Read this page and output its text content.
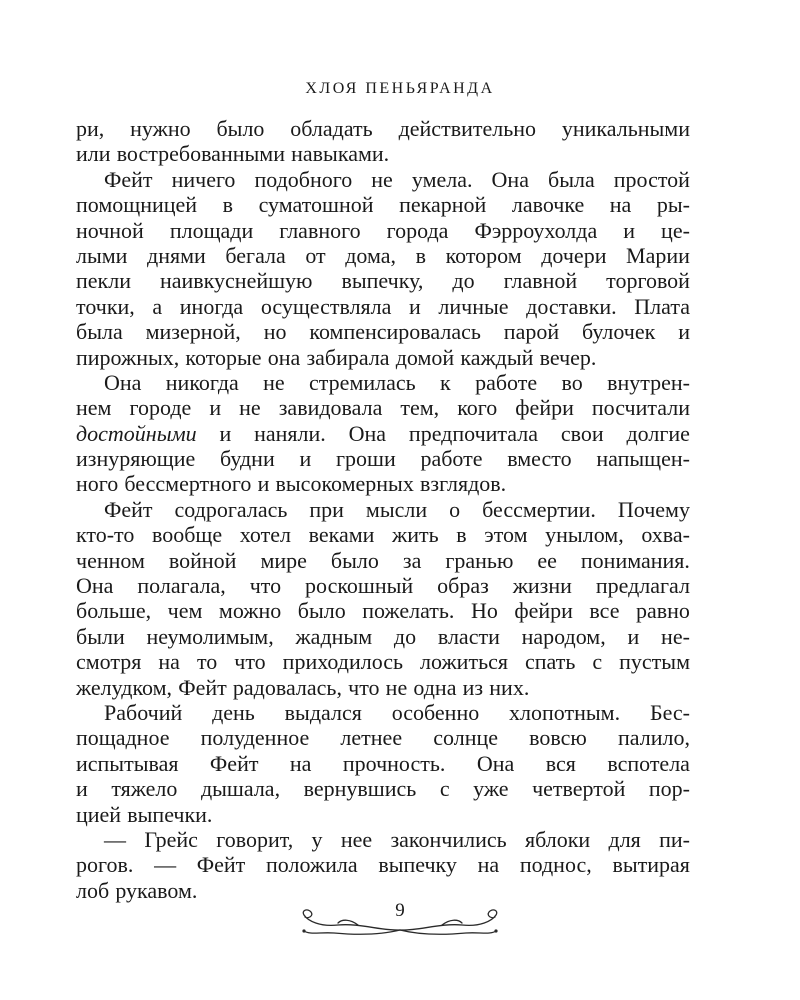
ХЛОЯ ПЕНЬЯРАНДА
ри, нужно было обладать действительно уникальными
или востребованными навыками.
Фейт ничего подобного не умела. Она была простой
помощницей в суматошной пекарной лавочке на ры-
ночной площади главного города Фэрроухолда и це-
лыми днями бегала от дома, в котором дочери Марии
пекли наивкуснейшую выпечку, до главной торговой
точки, а иногда осуществляла и личные доставки. Плата
была мизерной, но компенсировалась парой булочек и
пирожных, которые она забирала домой каждый вечер.
Она никогда не стремилась к работе во внутрен-
нем городе и не завидовала тем, кого фейри посчитали
достойными и наняли. Она предпочитала свои долгие
изнуряющие будни и гроши работе вместо напыщен-
ного бессмертного и высокомерных взглядов.
Фейт содрогалась при мысли о бессмертии. Почему
кто-то вообще хотел веками жить в этом унылом, охва-
ченном войной мире было за гранью ее понимания.
Она полагала, что роскошный образ жизни предлагал
больше, чем можно было пожелать. Но фейри все равно
были неумолимым, жадным до власти народом, и не-
смотря на то что приходилось ложиться спать с пустым
желудком, Фейт радовалась, что не одна из них.
Рабочий день выдался особенно хлопотным. Бес-
пощадное полуденное летнее солнце вовсю палило,
испытывая Фейт на прочность. Она вся вспотела
и тяжело дышала, вернувшись с уже четвертой пор-
цией выпечки.
— Грейс говорит, у нее закончились яблоки для пи-
рогов. — Фейт положила выпечку на поднос, вытирая
лоб рукавом.
9
